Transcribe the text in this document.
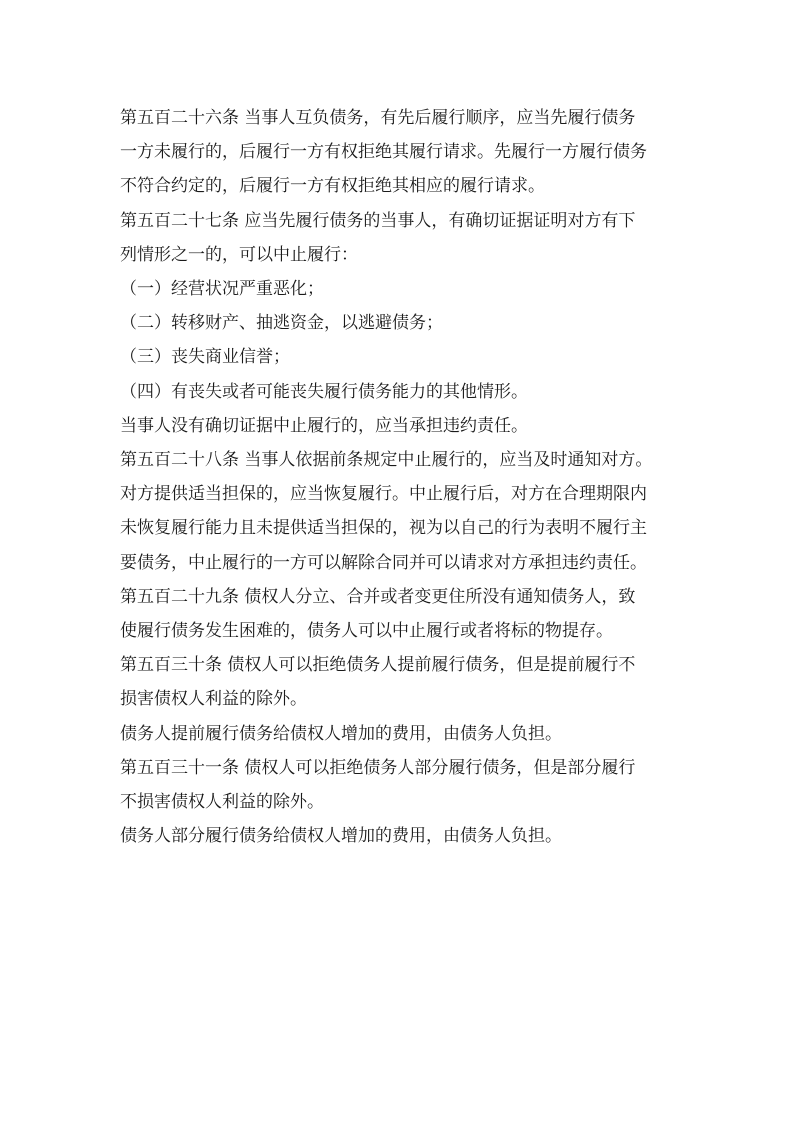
第五百二十六条 当事人互负债务，有先后履行顺序，应当先履行债务
一方未履行的，后履行一方有权拒绝其履行请求。先履行一方履行债务
不符合约定的，后履行一方有权拒绝其相应的履行请求。

第五百二十七条 应当先履行债务的当事人，有确切证据证明对方有下
列情形之一的，可以中止履行：

（一）经营状况严重恶化；

（二）转移财产、抽逃资金，以逃避债务；

（三）丧失商业信誉；

（四）有丧失或者可能丧失履行债务能力的其他情形。

当事人没有确切证据中止履行的，应当承担违约责任。

第五百二十八条 当事人依据前条规定中止履行的，应当及时通知对方。
对方提供适当担保的，应当恢复履行。中止履行后，对方在合理期限内
未恢复履行能力且未提供适当担保的，视为以自己的行为表明不履行主
要债务，中止履行的一方可以解除合同并可以请求对方承担违约责任。

第五百二十九条 债权人分立、合并或者变更住所没有通知债务人，致
使履行债务发生困难的，债务人可以中止履行或者将标的物提存。

第五百三十条 债权人可以拒绝债务人提前履行债务，但是提前履行不
损害债权人利益的除外。

债务人提前履行债务给债权人增加的费用，由债务人负担。

第五百三十一条 债权人可以拒绝债务人部分履行债务，但是部分履行
不损害债权人利益的除外。

债务人部分履行债务给债权人增加的费用，由债务人负担。
